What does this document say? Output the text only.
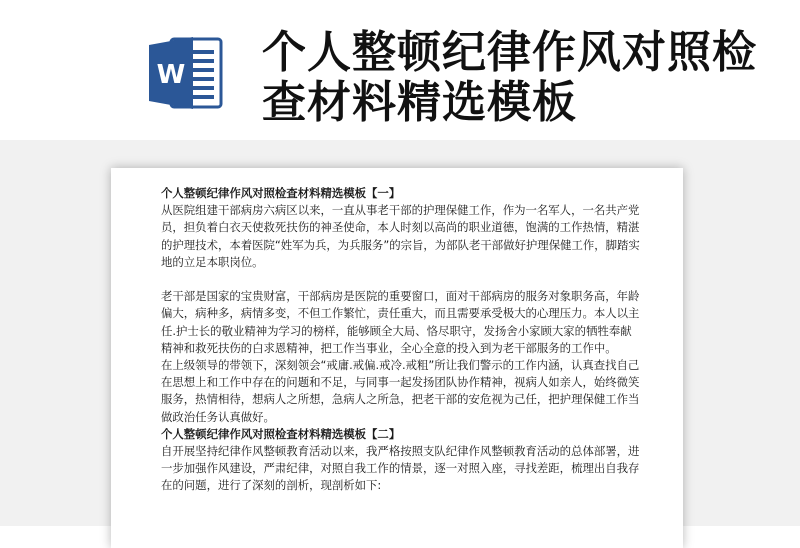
W 个人整顿纪律作风对照检查材料精选模板

个人整顿纪律作风对照检查材料精选模板【一】

从医院组建干部病房六病区以来，一直从事老干部的护理保健工作，作为一名军人，一名共产党员，担负着白衣天使救死扶伤的神圣使命，本人时刻以高尚的职业道德，饱满的工作热情，精湛的护理技术，本着医院“姓军为兵，为兵服务”的宗旨，为部队老干部做好护理保健工作，脚踏实地的立足本职岗位。

老干部是国家的宝贵财富，干部病房是医院的重要窗口，面对干部病房的服务对象职务高，年龄偏大，病种多，病情多变，不但工作繁忙，责任重大，而且需要承受极大的心理压力。本人以主任.护士长的敬业精神为学习的榜样，能够顾全大局、恪尽职守，发扬舍小家顾大家的牺牲奉献精神和救死扶伤的白求恩精神，把工作当事业，全心全意的投入到为老干部服务的工作中。

在上级领导的带领下，深刻领会“戒庸.戒偏.戒冷.戒粗”所让我们警示的工作内涵，认真查找自己在思想上和工作中存在的问题和不足，与同事一起发扬团队协作精神，视病人如亲人，始终微笑服务，热情相待，想病人之所想，急病人之所急，把老干部的安危视为己任，把护理保健工作当做政治任务认真做好。

个人整顿纪律作风对照检查材料精选模板【二】

自开展坚持纪律作风整顿教育活动以来，我严格按照支队纪律作风整顿教育活动的总体部署，进一步加强作风建设，严肃纪律，对照自我工作的情景，逐一对照入座，寻找差距，梳理出自我存在的问题，进行了深刻的剖析，现剖析如下:
